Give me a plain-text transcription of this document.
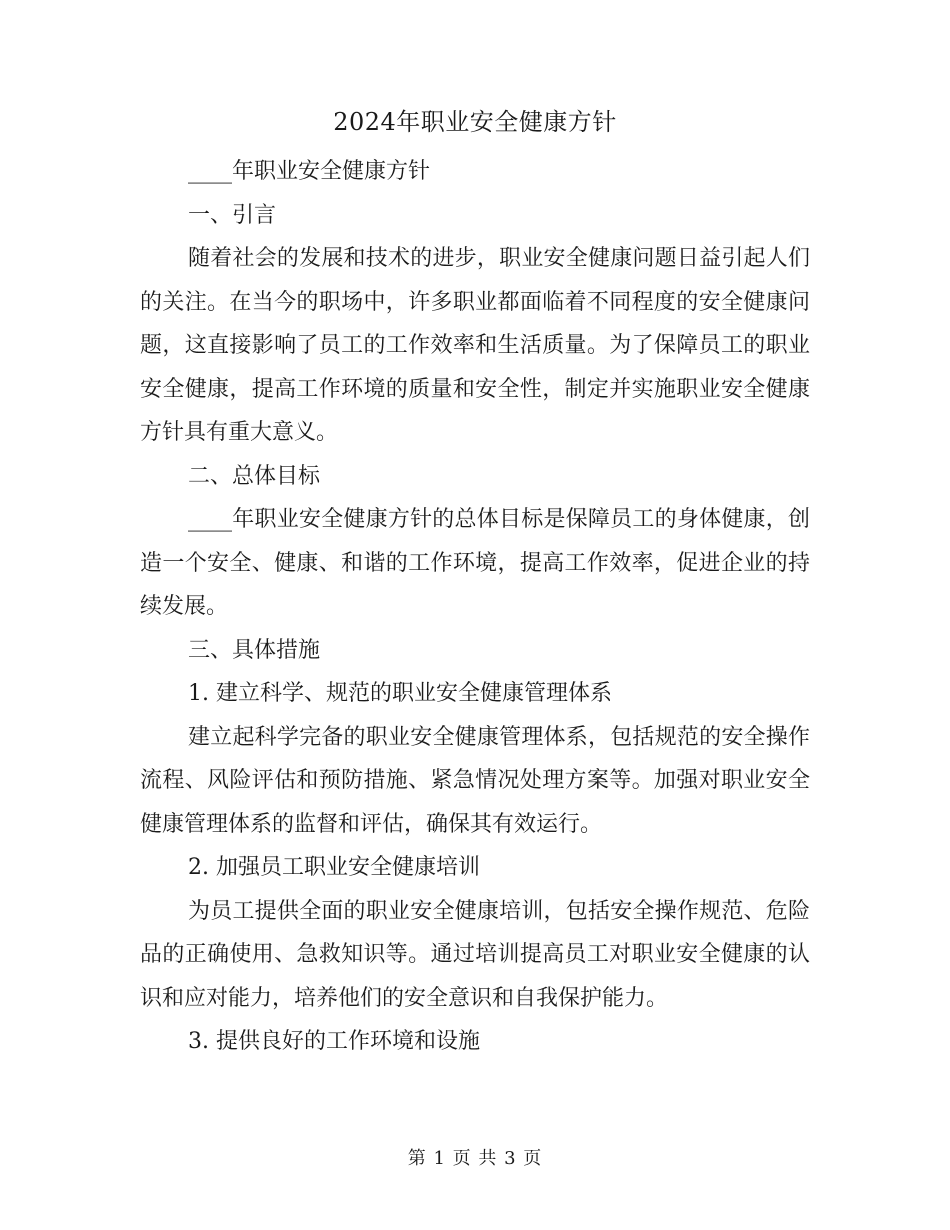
2024年职业安全健康方针

____年职业安全健康方针

一、引言

随着社会的发展和技术的进步，职业安全健康问题日益引起人们的关注。在当今的职场中，许多职业都面临着不同程度的安全健康问题，这直接影响了员工的工作效率和生活质量。为了保障员工的职业安全健康，提高工作环境的质量和安全性，制定并实施职业安全健康方针具有重大意义。

二、总体目标

____年职业安全健康方针的总体目标是保障员工的身体健康，创造一个安全、健康、和谐的工作环境，提高工作效率，促进企业的持续发展。

三、具体措施

1. 建立科学、规范的职业安全健康管理体系

建立起科学完备的职业安全健康管理体系，包括规范的安全操作流程、风险评估和预防措施、紧急情况处理方案等。加强对职业安全健康管理体系的监督和评估，确保其有效运行。

2. 加强员工职业安全健康培训

为员工提供全面的职业安全健康培训，包括安全操作规范、危险品的正确使用、急救知识等。通过培训提高员工对职业安全健康的认识和应对能力，培养他们的安全意识和自我保护能力。

3. 提供良好的工作环境和设施

第 1 页 共 3 页
